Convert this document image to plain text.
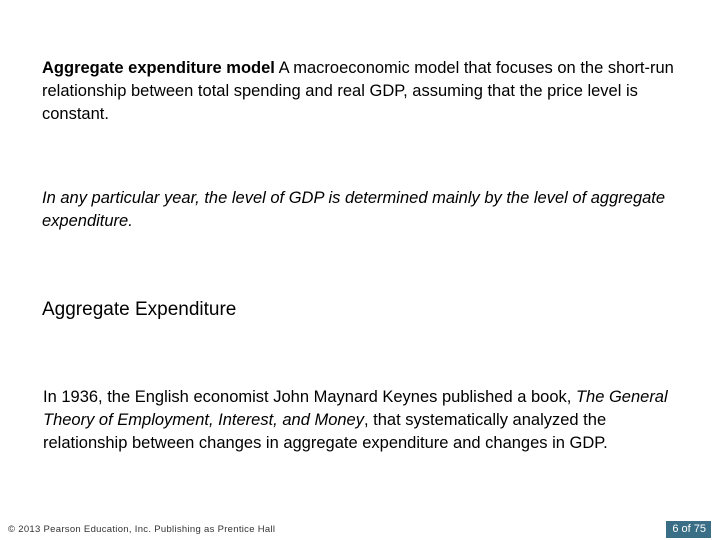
Aggregate expenditure model A macroeconomic model that focuses on the short-run relationship between total spending and real GDP, assuming that the price level is constant.
In any particular year, the level of GDP is determined mainly by the level of aggregate expenditure.
Aggregate Expenditure
In 1936, the English economist John Maynard Keynes published a book, The General Theory of Employment, Interest, and Money, that systematically analyzed the relationship between changes in aggregate expenditure and changes in GDP.
© 2013 Pearson Education, Inc. Publishing as Prentice Hall	6 of 75
